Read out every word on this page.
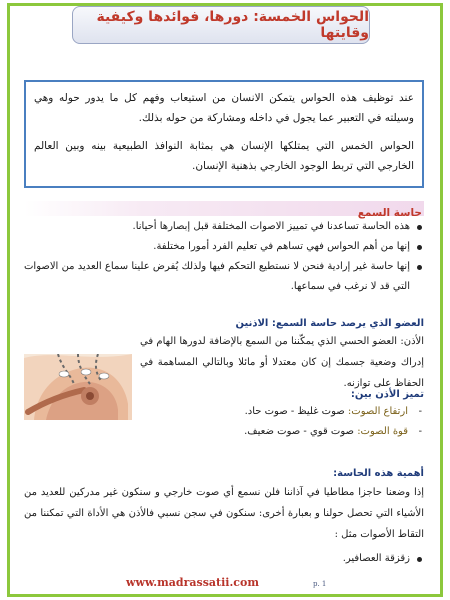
الحواس الخمسة: دورها، فوائدها وكيفية وقايتها

عند توظيف هذه الحواس يتمكن الانسان من استيعاب وفهم كل ما يدور حوله وهي وسيلته في التعبير عما يجول في داخله ومشاركة من حوله بذلك.

الحواس الخمس التي يمتلكها الإنسان هي بمثابة النوافذ الطبيعية بينه وبين العالم الخارجي التي تربط الوجود الخارجي بذهنية الإنسان.

حاسة السمع
هذه الحاسة تساعدنا في تمييز الاصوات المختلفة قبل إبصارها أحيانا.
إنها من أهم الحواس فهي تساهم في تعليم الفرد أمورا مختلفة.
إنها حاسة غير إرادية فنحن لا نستطيع التحكم فيها ولذلك يُفرض علينا سماع العديد من الاصوات التي قد لا نرغب في سماعها.
العضو الذي يرصد حاسة السمع: الاذنين
الأذن: العضو الحسي الذي يمكّننا من السمع بالإضافة لدورها الهام في إدراك وضعية جسمك إن كان معتدلا أو مائلا وبالتالي المساهمة في الحفاظ على توازنه.
تميز الأذن بين:
- ارتفاع الصوت: صوت غليظ - صوت حاد.
- قوة الصوت: صوت قوي - صوت ضعيف.
أهمية هذه الحاسة:
إذا وضعنا حاجزا مطاطيا في آذاننا فلن نسمع أي صوت خارجي و سنكون غير مدركين للعديد من الأشياء التي تحصل حولنا و بعبارة أخرى: سنكون في سجن نسبي فالأذن هي الأداة التي تمكننا من التقاط الأصوات مثل :
زقزقة العصافير.
www.madrassatii.com	p. 1
